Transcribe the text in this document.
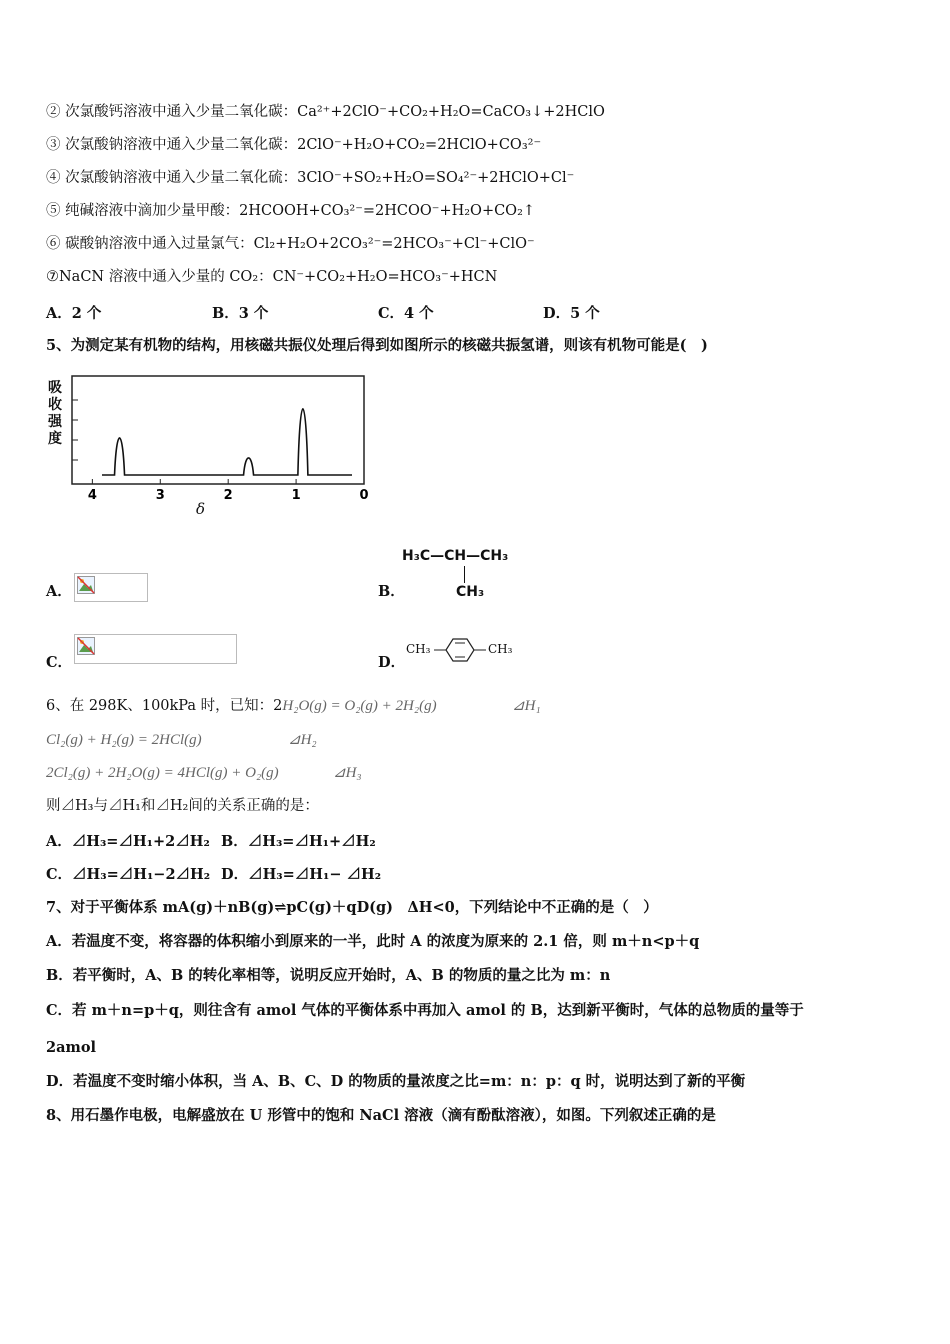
② 次氯酸钙溶液中通入少量二氧化碳：Ca²⁺+2ClO⁻+CO₂+H₂O=CaCO₃↓+2HClO
③ 次氯酸钠溶液中通入少量二氧化碳：2ClO⁻+H₂O+CO₂=2HClO+CO₃²⁻
④ 次氯酸钠溶液中通入少量二氧化硫：3ClO⁻+SO₂+H₂O=SO₄²⁻+2HClO+Cl⁻
⑤ 纯碱溶液中滴加少量甲酸：2HCOOH+CO₃²⁻=2HCOO⁻+H₂O+CO₂↑
⑥ 碳酸钠溶液中通入过量氯气：Cl₂+H₂O+2CO₃²⁻=2HCO₃⁻+Cl⁻+ClO⁻
⑦NaCN 溶液中通入少量的 CO₂：CN⁻+CO₂+H₂O=HCO₃⁻+HCN
A．2 个	B．3 个	C．4 个	D．5 个
5、为测定某有机物的结构，用核磁共振仪处理后得到如图所示的核磁共振氢谱，则该有机物可能是(　)
吸收强度
4	3	2	1	0
δ
A．	B．
H₃C—CH—CH₃
CH₃
C．	D．
CH₃	CH₃
6、在 298K、100kPa 时，已知：2H₂O(g) = O₂(g) + 2H₂(g)	⊿H₁
Cl₂(g) + H₂(g) = 2HCl(g)	⊿H₂
2Cl₂(g) + 2H₂O(g) = 4HCl(g) + O₂(g)	⊿H₃
则⊿H₃与⊿H₁和⊿H₂间的关系正确的是：
A．⊿H₃=⊿H₁+2⊿H₂ B．⊿H₃=⊿H₁+⊿H₂
C．⊿H₃=⊿H₁−2⊿H₂ D．⊿H₃=⊿H₁− ⊿H₂
7、对于平衡体系 mA(g)＋nB(g)⇌pC(g)＋qD(g)　ΔH<0，下列结论中不正确的是（　）
A．若温度不变，将容器的体积缩小到原来的一半，此时 A 的浓度为原来的 2.1 倍，则 m＋n<p＋q
B．若平衡时，A、B 的转化率相等，说明反应开始时，A、B 的物质的量之比为 m：n
C．若 m＋n=p＋q，则往含有 amol 气体的平衡体系中再加入 amol 的 B，达到新平衡时，气体的总物质的量等于
2amol
D．若温度不变时缩小体积，当 A、B、C、D 的物质的量浓度之比=m：n：p：q 时，说明达到了新的平衡
8、用石墨作电极，电解盛放在 U 形管中的饱和 NaCl 溶液（滴有酚酞溶液），如图。下列叙述正确的是
